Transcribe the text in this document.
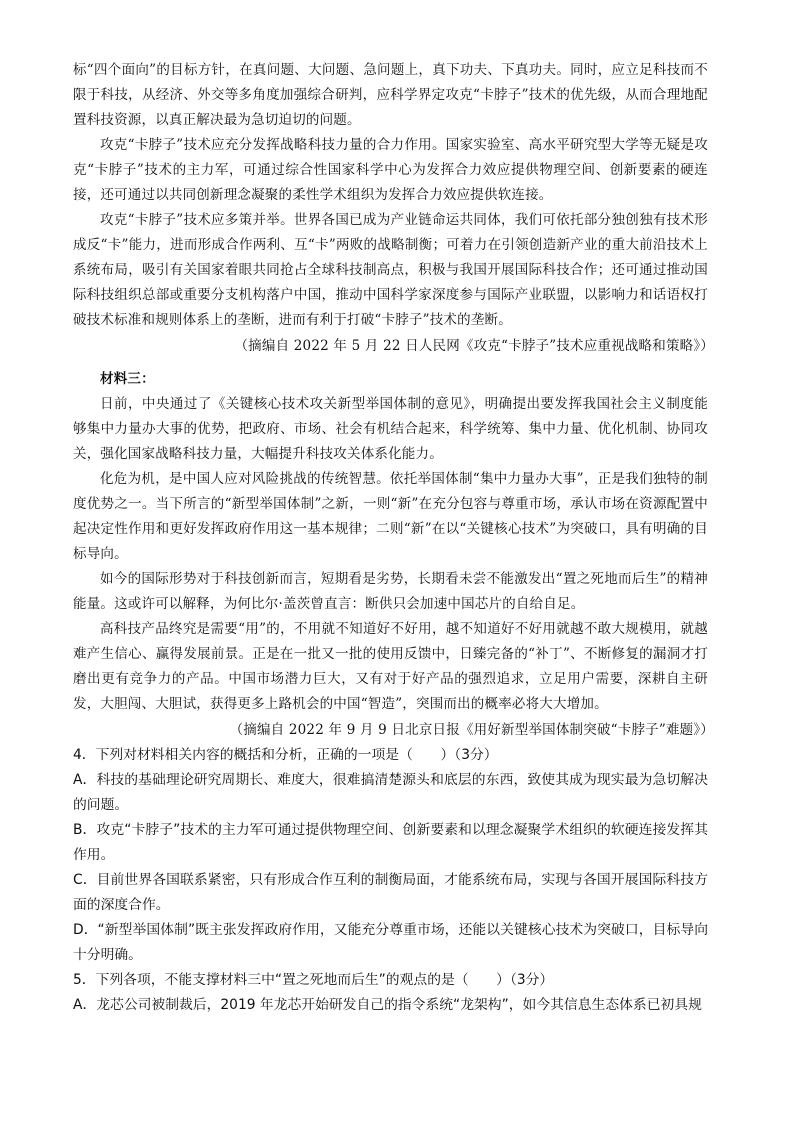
标“四个面向”的目标方针，在真问题、大问题、急问题上，真下功夫、下真功夫。同时，应立足科技而不限于科技，从经济、外交等多角度加强综合研判，应科学界定攻克“卡脖子”技术的优先级，从而合理地配置科技资源，以真正解决最为急切迫切的问题。

攻克“卡脖子”技术应充分发挥战略科技力量的合力作用。国家实验室、高水平研究型大学等无疑是攻克“卡脖子”技术的主力军，可通过综合性国家科学中心为发挥合力效应提供物理空间、创新要素的硬连接，还可通过以共同创新理念凝聚的柔性学术组织为发挥合力效应提供软连接。

攻克“卡脖子”技术应多策并举。世界各国已成为产业链命运共同体，我们可依托部分独创独有技术形成反“卡”能力，进而形成合作两利、互“卡”两败的战略制衡；可着力在引领创造新产业的重大前沿技术上系统布局，吸引有关国家着眼共同抢占全球科技制高点，积极与我国开展国际科技合作；还可通过推动国际科技组织总部或重要分支机构落户中国，推动中国科学家深度参与国际产业联盟，以影响力和话语权打破技术标准和规则体系上的垄断，进而有利于打破“卡脖子”技术的垄断。

（摘编自 2022 年 5 月 22 日人民网《攻克“卡脖子”技术应重视战略和策略》）

材料三：

日前，中央通过了《关键核心技术攻关新型举国体制的意见》，明确提出要发挥我国社会主义制度能够集中力量办大事的优势，把政府、市场、社会有机结合起来，科学统筹、集中力量、优化机制、协同攻关，强化国家战略科技力量，大幅提升科技攻关体系化能力。

化危为机，是中国人应对风险挑战的传统智慧。依托举国体制“集中力量办大事”，正是我们独特的制度优势之一。当下所言的“新型举国体制”之新，一则“新”在充分包容与尊重市场，承认市场在资源配置中起决定性作用和更好发挥政府作用这一基本规律；二则“新”在以“关键核心技术”为突破口，具有明确的目标导向。

如今的国际形势对于科技创新而言，短期看是劣势，长期看未尝不能激发出“置之死地而后生”的精神能量。这或许可以解释，为何比尔·盖茨曾直言：断供只会加速中国芯片的自给自足。

高科技产品终究是需要“用”的，不用就不知道好不好用，越不知道好不好用就越不敢大规模用，就越难产生信心、赢得发展前景。正是在一批又一批的使用反馈中，日臻完备的“补丁”、不断修复的漏洞才打磨出更有竞争力的产品。中国市场潜力巨大，又有对于好产品的强烈追求，立足用户需要，深耕自主研发，大胆闯、大胆试，获得更多上路机会的中国“智造”，突围而出的概率必将大大增加。

（摘编自 2022 年 9 月 9 日北京日报《用好新型举国体制突破“卡脖子”难题》）

4．下列对材料相关内容的概括和分析，正确的一项是（　　）（3分）

A．科技的基础理论研究周期长、难度大，很难搞清楚源头和底层的东西，致使其成为现实最为急切解决的问题。

B．攻克“卡脖子”技术的主力军可通过提供物理空间、创新要素和以理念凝聚学术组织的软硬连接发挥其作用。

C．目前世界各国联系紧密，只有形成合作互利的制衡局面，才能系统布局，实现与各国开展国际科技方面的深度合作。

D．“新型举国体制”既主张发挥政府作用，又能充分尊重市场，还能以关键核心技术为突破口，目标导向十分明确。

5．下列各项，不能支撑材料三中“置之死地而后生”的观点的是（　　）（3分）

A．龙芯公司被制裁后，2019 年龙芯开始研发自己的指令系统“龙架构”，如今其信息生态体系已初具规
